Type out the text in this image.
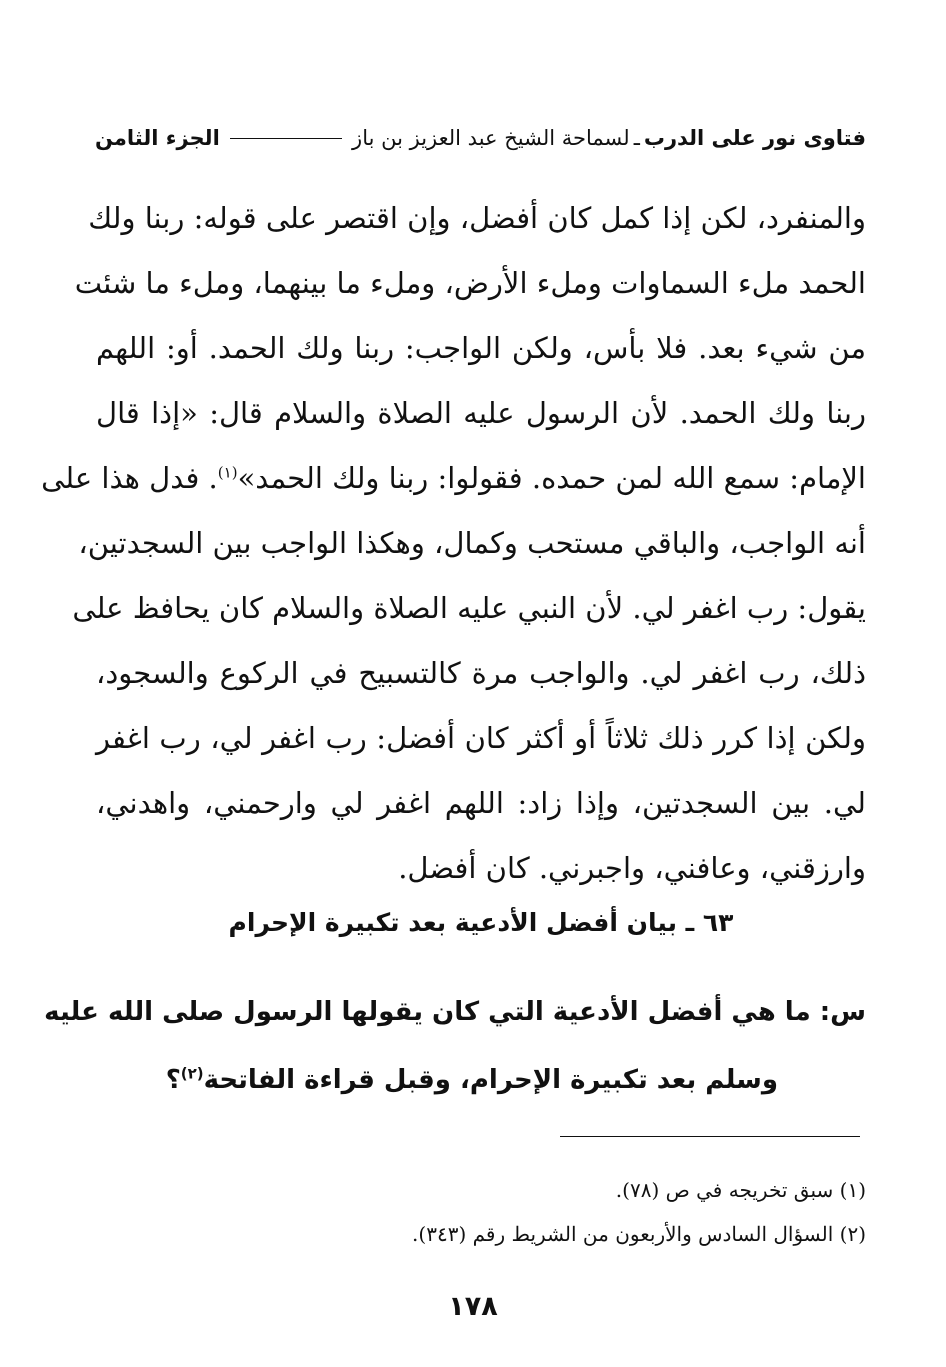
فتاوى نور على الدرب
ـ
لسماحة الشيخ عبد العزيز بن باز
الجزء الثامن
والمنفرد، لكن إذا كمل كان أفضل، وإن اقتصر على قوله: ربنا ولك
الحمد ملء السماوات وملء الأرض، وملء ما بينهما، وملء ما شئت
من شيء بعد. فلا بأس، ولكن الواجب: ربنا ولك الحمد. أو: اللهم
ربنا ولك الحمد. لأن الرسول عليه الصلاة والسلام قال: «إذا قال
الإمام: سمع الله لمن حمده. فقولوا: ربنا ولك الحمد»$^{(١)}$. فدل هذا على
أنه الواجب، والباقي مستحب وكمال، وهكذا الواجب بين السجدتين،
يقول: رب اغفر لي. لأن النبي عليه الصلاة والسلام كان يحافظ على
ذلك، رب اغفر لي. والواجب مرة كالتسبيح في الركوع والسجود،
ولكن إذا كرر ذلك ثلاثاً أو أكثر كان أفضل: رب اغفر لي، رب اغفر
لي. بين السجدتين، وإذا زاد: اللهم اغفر لي وارحمني، واهدني،
وارزقني، وعافني، واجبرني. كان أفضل.
٦٣ ـ بيان أفضل الأدعية بعد تكبيرة الإحرام
س: ما هي أفضل الأدعية التي كان يقولها الرسول صلى الله عليه
وسلم بعد تكبيرة الإحرام، وقبل قراءة الفاتحة$^{(٢)}$؟
(١) سبق تخريجه في ص (٧٨).
(٢) السؤال السادس والأربعون من الشريط رقم (٣٤٣).
١٧٨
